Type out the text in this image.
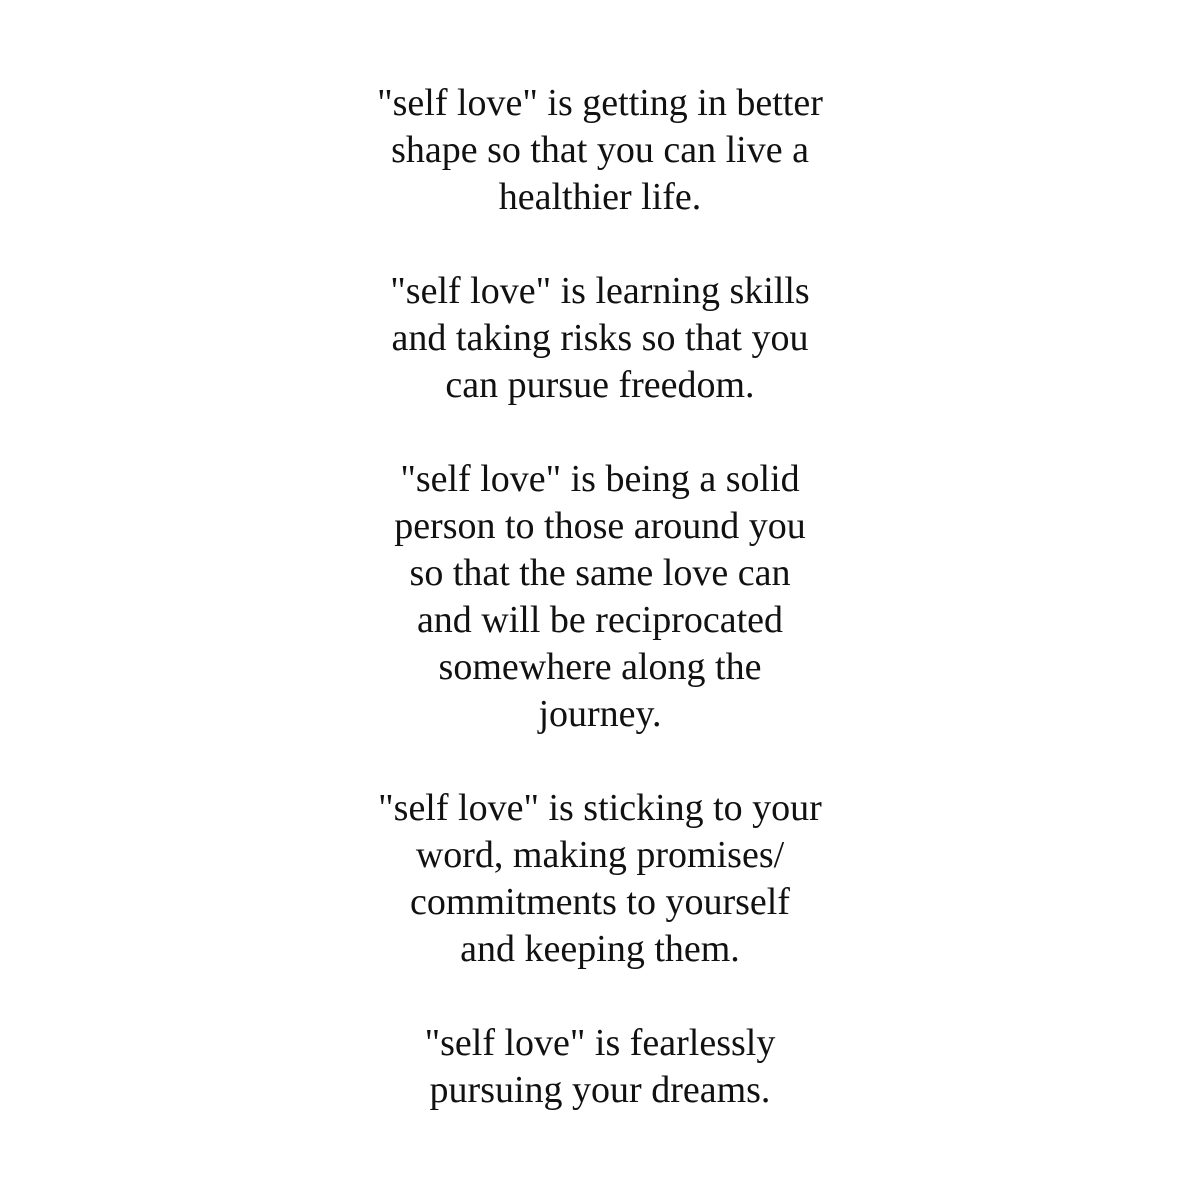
"self love" is getting in better
shape so that you can live a
healthier life.

"self love" is learning skills
and taking risks so that you
can pursue freedom.

"self love" is being a solid
person to those around you
so that the same love can
and will be reciprocated
somewhere along the
journey.

"self love" is sticking to your
word, making promises/
commitments to yourself
and keeping them.

"self love" is fearlessly
pursuing your dreams.
